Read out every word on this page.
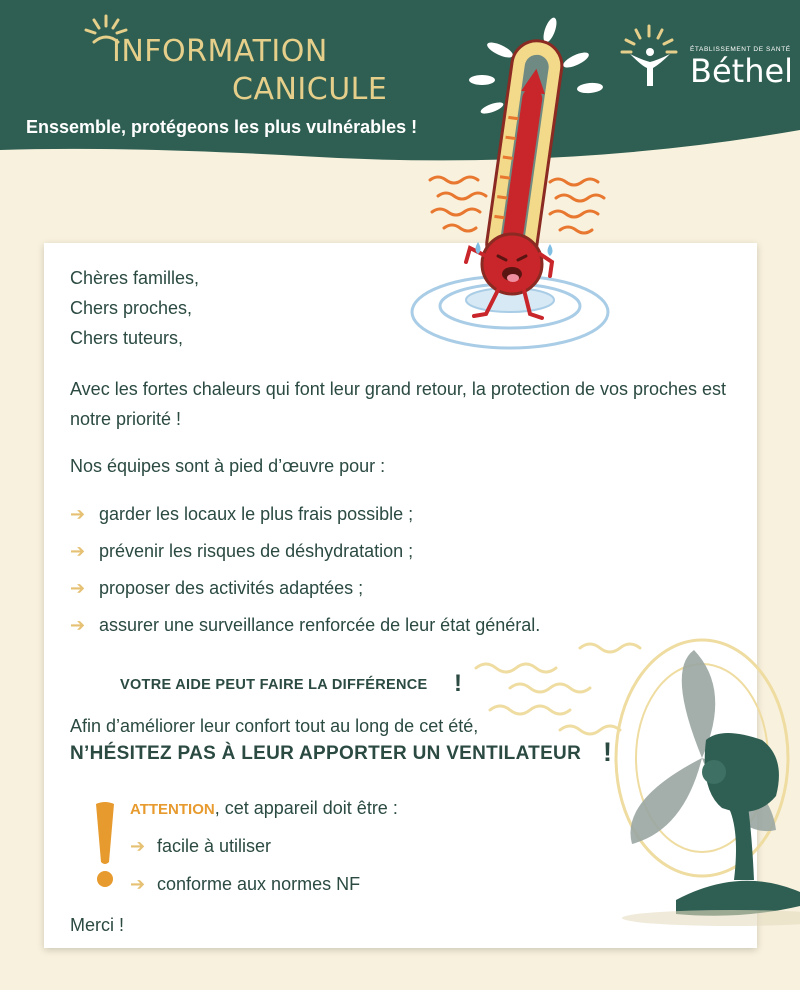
INFORMATION
CANICULE
Enssemble, protégeons les plus vulnérables !
ÉTABLISSEMENT DE SANTÉ
Béthel
Chères familles,
Chers proches,
Chers tuteurs,
Avec les fortes chaleurs qui font leur grand retour, la protection de vos proches est notre priorité !
Nos équipes sont à pied d’œuvre pour :
➔ garder les locaux le plus frais possible ;
➔ prévenir les risques de déshydratation ;
➔ proposer des activités adaptées ;
➔ assurer une surveillance renforcée de leur état général.
VOTRE AIDE PEUT FAIRE LA DIFFÉRENCE !
Afin d’améliorer leur confort tout au long de cet été,
N’HÉSITEZ PAS À LEUR APPORTER UN VENTILATEUR !
ATTENTION, cet appareil doit être :
➔ facile à utiliser
➔ conforme aux normes NF
Merci !
